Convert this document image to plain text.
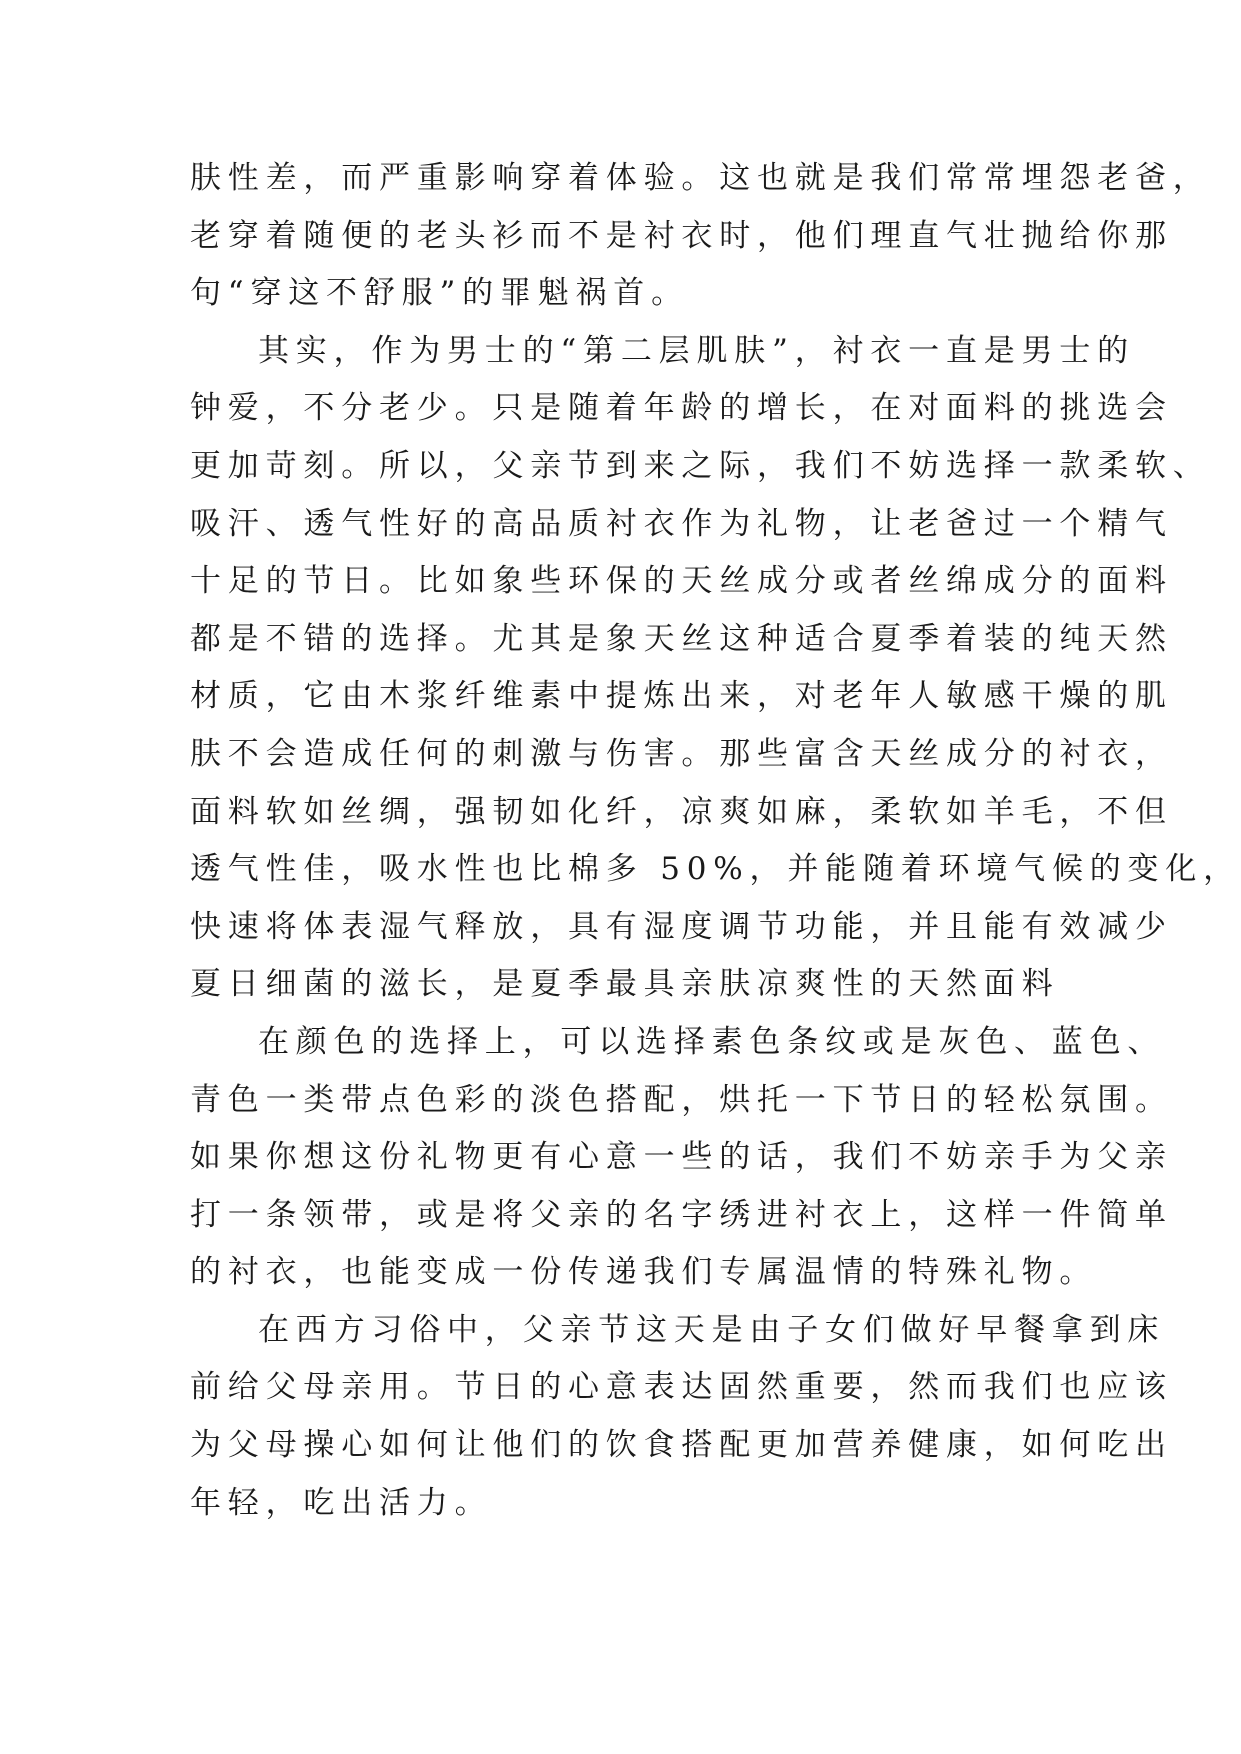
肤性差，而严重影响穿着体验。这也就是我们常常埋怨老爸，
老穿着随便的老头衫而不是衬衣时，他们理直气壮抛给你那
句“穿这不舒服”的罪魁祸首。
其实，作为男士的“第二层肌肤”，衬衣一直是男士的
钟爱，不分老少。只是随着年龄的增长，在对面料的挑选会
更加苛刻。所以，父亲节到来之际，我们不妨选择一款柔软、
吸汗、透气性好的高品质衬衣作为礼物，让老爸过一个精气
十足的节日。比如象些环保的天丝成分或者丝绵成分的面料
都是不错的选择。尤其是象天丝这种适合夏季着装的纯天然
材质，它由木浆纤维素中提炼出来，对老年人敏感干燥的肌
肤不会造成任何的刺激与伤害。那些富含天丝成分的衬衣，
面料软如丝绸，强韧如化纤，凉爽如麻，柔软如羊毛，不但
透气性佳，吸水性也比棉多 50%，并能随着环境气候的变化，
快速将体表湿气释放，具有湿度调节功能，并且能有效减少
夏日细菌的滋长，是夏季最具亲肤凉爽性的天然面料
在颜色的选择上，可以选择素色条纹或是灰色、蓝色、
青色一类带点色彩的淡色搭配，烘托一下节日的轻松氛围。
如果你想这份礼物更有心意一些的话，我们不妨亲手为父亲
打一条领带，或是将父亲的名字绣进衬衣上，这样一件简单
的衬衣，也能变成一份传递我们专属温情的特殊礼物。
在西方习俗中，父亲节这天是由子女们做好早餐拿到床
前给父母亲用。节日的心意表达固然重要，然而我们也应该
为父母操心如何让他们的饮食搭配更加营养健康，如何吃出
年轻，吃出活力。
